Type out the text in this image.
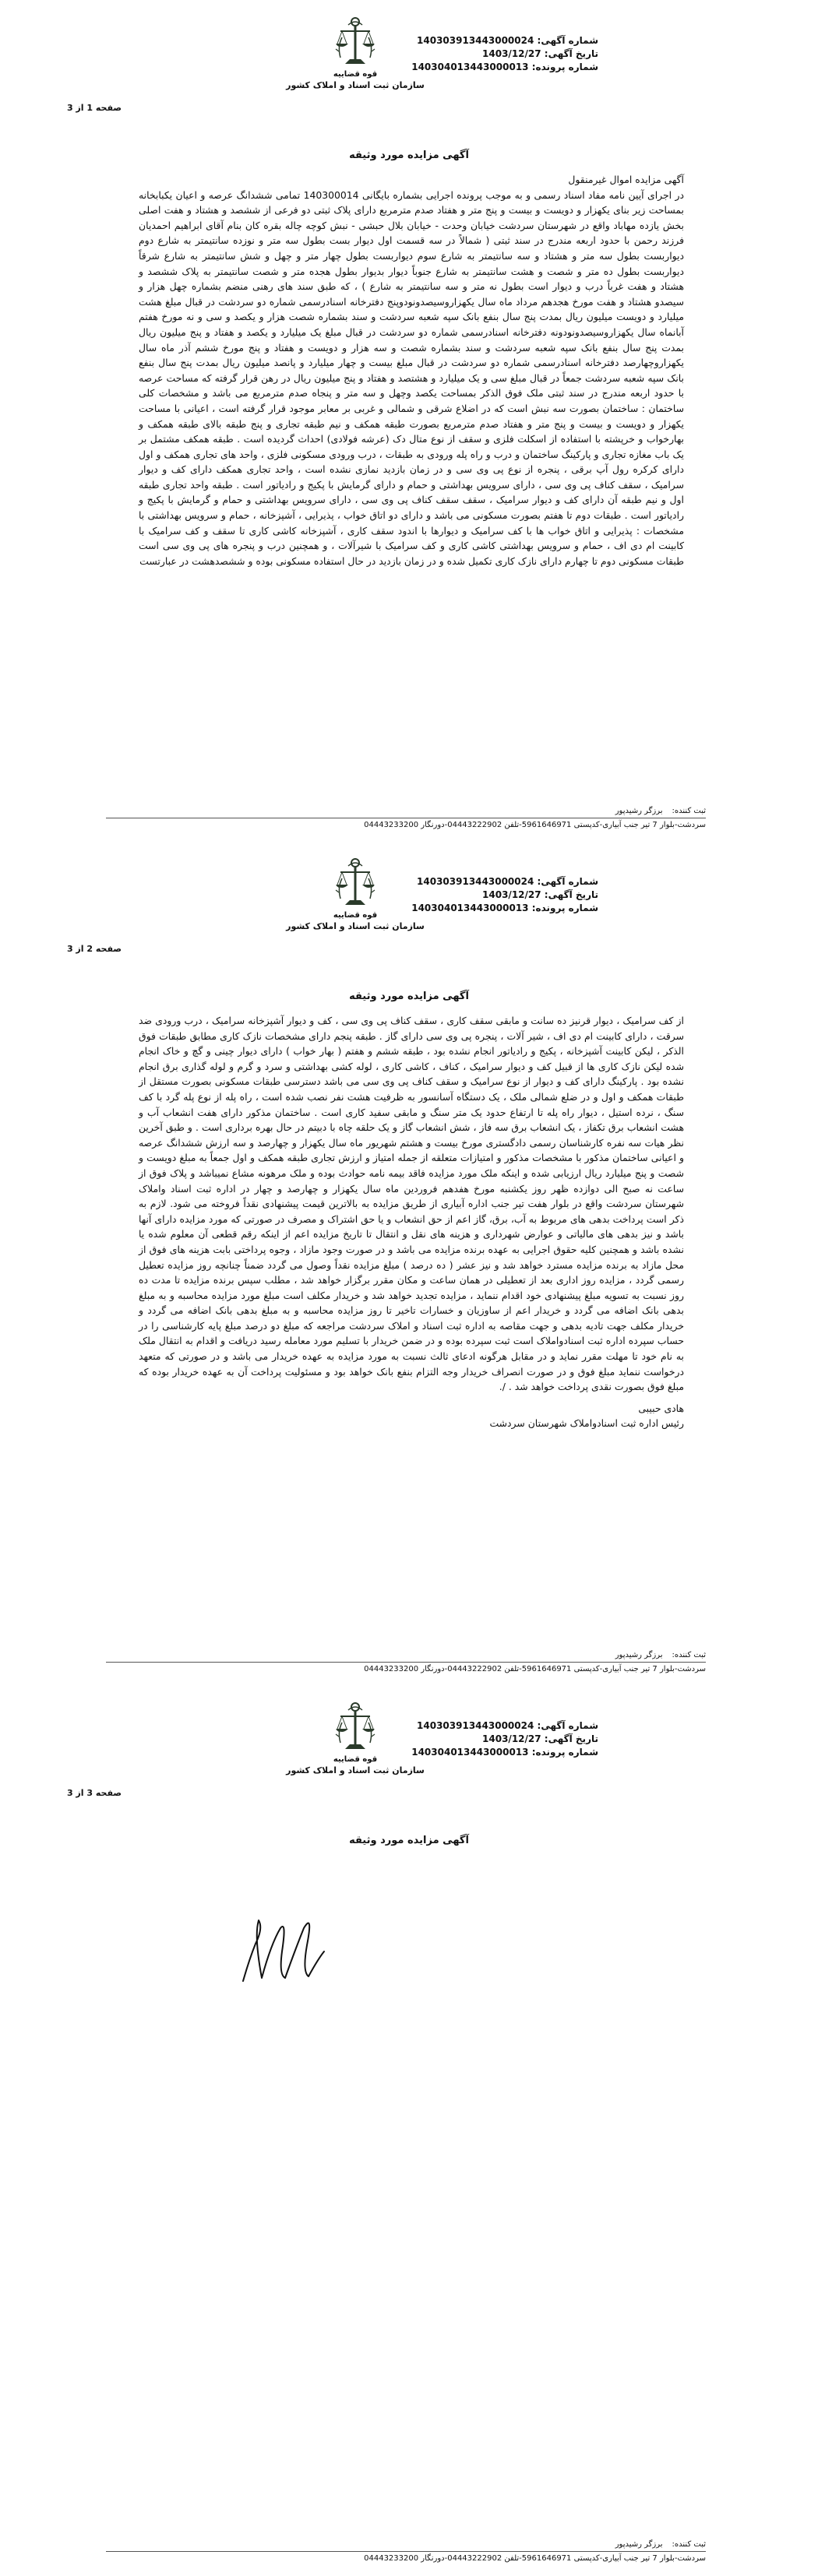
شماره آگهی: 140303913443000024
تاریخ آگهی: 1403/12/27
شماره پرونده: 140304013443000013
قوه قضاییه
سازمان ثبت اسناد و املاک کشور
صفحه 1 از 3
آگهی مزایده مورد وثیقه

آگهی مزایده اموال غیرمنقول

در اجرای آیین نامه مفاد اسناد رسمی و به موجب پرونده اجرایی بشماره بایگانی 140300014 تمامی ششدانگ عرصه و اعیان یکبابخانه بمساحت زیر بنای یکهزار و دویست و بیست و پنج متر و هفتاد صدم مترمربع دارای پلاک ثبتی دو فرعی از ششصد و هشتاد و هفت اصلی بخش یازده مهاباد واقع در شهرستان سردشت خیابان وحدت - خیابان بلال حبشی - نبش کوچه چاله بقره کان بنام آقای ابراهیم احمدیان فرزند رحمن با حدود اربعه مندرج در سند ثبتی ( شمالاً در سه قسمت اول دیوار بست بطول سه متر و نوزده سانتیمتر به شارع دوم دیواربست بطول سه متر و هشتاد و سه سانتیمتر به شارع سوم دیواربست بطول چهار متر و چهل و شش سانتیمتر به شارع شرقاً دیواربست بطول ده متر و شصت و هشت سانتیمتر به شارع جنوباً دیوار بدیوار بطول هجده متر و شصت سانتیمتر به پلاک ششصد و هشتاد و هفت غرباً درب و دیوار است بطول نه متر و سه سانتیمتر به شارع ) ، که طبق سند های رهنی منضم بشماره چهل هزار و سیصدو هشتاد و هفت مورخ هجدهم مرداد ماه سال یکهزاروسیصدونودوپنج دفترخانه اسنادرسمی شماره دو سردشت در قبال مبلغ هشت میلیارد و دویست میلیون ریال بمدت پنج سال بنفع بانک سپه شعبه سردشت و سند بشماره شصت هزار و یکصد و سی و نه مورخ هفتم آبانماه سال یکهزاروسیصدونودونه دفترخانه اسنادرسمی شماره دو سردشت در قبال مبلغ یک میلیارد و یکصد و هفتاد و پنج میلیون ریال بمدت پنج سال بنفع بانک سپه شعبه سردشت و سند بشماره شصت و سه هزار و دویست و هفتاد و پنج مورخ ششم آذر ماه سال یکهزاروچهارصد دفترخانه اسنادرسمی شماره دو سردشت در قبال مبلغ بیست و چهار میلیارد و پانصد میلیون ریال بمدت پنج سال بنفع بانک سپه شعبه سردشت جمعاً در قبال مبلغ سی و یک میلیارد و هشتصد و هفتاد و پنج میلیون ریال در رهن قرار گرفته که مساحت عرصه با حدود اربعه مندرج در سند ثبتی ملک فوق الذکر بمساحت یکصد وچهل و سه متر و پنجاه صدم مترمربع می باشد و مشخصات کلی ساختمان : ساختمان بصورت سه نبش است که در اضلاع شرقی و شمالی و غربی بر معابر موجود قرار گرفته است ، اعیانی با مساحت یکهزار و دویست و بیست و پنج متر و هفتاد صدم مترمربع بصورت طبقه همکف و نیم طبقه تجاری و پنج طبقه بالای طبقه همکف و بهارخواب و خرپشته با استفاده از اسکلت فلزی و سقف از نوع متال دک (عرشه فولادی) احداث گردیده است . طبقه همکف مشتمل بر یک باب مغازه تجاری و پارکینگ ساختمان و درب و راه پله ورودی به طبقات ، درب ورودی مسکونی فلزی ، واحد های تجاری همکف و اول دارای کرکره رول آپ برقی ، پنجره از نوع پی وی سی و در زمان بازدید نمازی نشده است ، واحد تجاری همکف دارای کف و دیوار سرامیک ، سقف کناف پی وی سی ، دارای سرویس بهداشتی و حمام و دارای گرمایش با پکیج و رادیاتور است . طبقه واحد تجاری طبقه اول و نیم طبقه آن دارای کف و دیوار سرامیک ، سقف سقف کناف پی وی سی ، دارای سرویس بهداشتی و حمام و گرمایش با پکیج و رادیاتور است . طبقات دوم تا هفتم بصورت مسکونی می باشد و دارای دو اتاق خواب ، پذیرایی ، آشپزخانه ، حمام و سرویس بهداشتی با مشخصات : پذیرایی و اتاق خواب ها با کف سرامیک و دیوارها با اندود سقف کاری ، آشپزخانه کاشی کاری تا سقف و کف سرامیک با کابینت ام دی اف ، حمام و سرویس بهداشتی کاشی کاری و کف سرامیک با شیرآلات ، و همچنین درب و پنجره های پی وی سی است طبقات مسکونی دوم تا چهارم دارای نازک کاری تکمیل شده و در زمان بازدید در حال استفاده مسکونی بوده و ششصدهشت در عبارتست

ثبت کننده:برزگر رشیدپور
سردشت-بلوار 7 تیر جنب آبیاری-کدپستی 5961646971-تلفن 04443222902-دورنگار 04443233200
شماره آگهی: 140303913443000024
تاریخ آگهی: 1403/12/27
شماره پرونده: 140304013443000013
قوه قضاییه
سازمان ثبت اسناد و املاک کشور
صفحه 2 از 3
آگهی مزایده مورد وثیقه

از کف سرامیک ، دیوار قرنیز ده سانت و مابقی سقف کاری ، سقف کناف پی وی سی ، کف و دیوار آشپزخانه سرامیک ، درب ورودی ضد سرقت ، دارای کابینت ام دی اف ، شیر آلات ، پنجره پی وی سی دارای گاز . طبقه پنجم دارای مشخصات نازک کاری مطابق طبقات فوق الذکر ، لیکن کابینت آشپزخانه ، پکیج و رادیاتور انجام نشده بود ، طبقه ششم و هفتم ( بهار خواب ) دارای دیوار چینی و گچ و خاک انجام شده لیکن نازک کاری ها از قبیل کف و دیوار سرامیک ، کناف ، کاشی کاری ، لوله کشی بهداشتی و سرد و گرم و لوله گذاری برق انجام نشده بود . پارکینگ دارای کف و دیوار از نوع سرامیک و سقف کناف پی وی سی می باشد دسترسی طبقات مسکونی بصورت مستقل از طبقات همکف و اول و در ضلع شمالی ملک ، یک دستگاه آسانسور به ظرفیت هشت نفر نصب شده است ، راه پله از نوع پله گرد با کف سنگ ، نرده استیل ، دیوار راه پله تا ارتفاع حدود یک متر سنگ و مابقی سفید کاری است . ساختمان مذکور دارای هفت انشعاب آب و هشت انشعاب برق تکفاز ، یک انشعاب برق سه فاز ، شش انشعاب گاز و یک حلقه چاه با دبیتم در حال بهره برداری است . و طبق آخرین نظر هیات سه نفره کارشناسان رسمی دادگستری مورخ بیست و هشتم شهریور ماه سال یکهزار و چهارصد و سه ارزش ششدانگ عرصه و اعیانی ساختمان مذکور با مشخصات مذکور و امتیازات متعلقه از جمله امتیاز و ارزش تجاری طبقه همکف و اول جمعاً به مبلغ دویست و شصت و پنج میلیارد ریال ارزیابی شده و اینکه ملک مورد مزایده فاقد بیمه نامه حوادث بوده و ملک مرهونه مشاع نمیباشد و پلاک فوق از ساعت نه صبح الی دوازده ظهر روز یکشنبه مورخ هفدهم فروردین ماه سال یکهزار و چهارصد و چهار در اداره ثبت اسناد واملاک شهرستان سردشت واقع در بلوار هفت تیر جنب اداره آبیاری از طریق مزایده به بالاترین قیمت پیشنهادی نقداً فروخته می شود. لازم به ذکر است پرداخت بدهی های مربوط به آب، برق، گاز اعم از حق انشعاب و یا حق اشتراک و مصرف در صورتی که مورد مزایده دارای آنها باشد و نیز بدهی های مالیاتی و عوارض شهرداری و هزینه های نقل و انتقال تا تاریخ مزایده اعم از اینکه رقم قطعی آن معلوم شده یا نشده باشد و همچنین کلیه حقوق اجرایی به عهده برنده مزایده می باشد و در صورت وجود مازاد ، وجوه پرداختی بابت هزینه های فوق از محل مازاد به برنده مزایده مسترد خواهد شد و نیز عشر ( ده درصد ) مبلغ مزایده نقداً وصول می گردد ضمناً چنانچه روز مزایده تعطیل رسمی گردد ، مزایده روز اداری بعد از تعطیلی در همان ساعت و مکان مقرر برگزار خواهد شد ، مطلب سپس برنده مزایده تا مدت ده روز نسبت به تسویه مبلغ پیشنهادی خود اقدام ننماید ، مزایده تجدید خواهد شد و خریدار مکلف است مبلغ مورد مزایده محاسبه و به مبلغ بدهی بانک اضافه می گردد و خریدار اعم از ساوزیان و خسارات تاخیر تا روز مزایده محاسبه و به مبلغ بدهی بانک اضافه می گردد و خریدار مکلف جهت تادیه بدهی و جهت مقاصه به اداره ثبت اسناد و املاک سردشت مراجعه که مبلغ دو درصد مبلغ پایه کارشناسی را در حساب سپرده اداره ثبت اسنادواملاک است ثبت سپرده بوده و در ضمن خریدار با تسلیم مورد معامله رسید دریافت و اقدام به انتقال ملک به نام خود تا مهلت مقرر نماید و در مقابل هرگونه ادعای ثالث نسبت به مورد مزایده به عهده خریدار می باشد و در صورتی که متعهد درخواست ننماید مبلغ فوق و در صورت انصراف خریدار وجه التزام بنفع بانک خواهد بود و مسئولیت پرداخت آن به عهده خریدار بوده که مبلغ فوق بصورت نقدی پرداخت خواهد شد . /.

هادی حبیبی

رئیس اداره ثبت اسنادواملاک شهرستان سردشت

ثبت کننده:برزگر رشیدپور
سردشت-بلوار 7 تیر جنب آبیاری-کدپستی 5961646971-تلفن 04443222902-دورنگار 04443233200
شماره آگهی: 140303913443000024
تاریخ آگهی: 1403/12/27
شماره پرونده: 140304013443000013
قوه قضاییه
سازمان ثبت اسناد و املاک کشور
صفحه 3 از 3
آگهی مزایده مورد وثیقه
ثبت کننده:برزگر رشیدپور
سردشت-بلوار 7 تیر جنب آبیاری-کدپستی 5961646971-تلفن 04443222902-دورنگار 04443233200
